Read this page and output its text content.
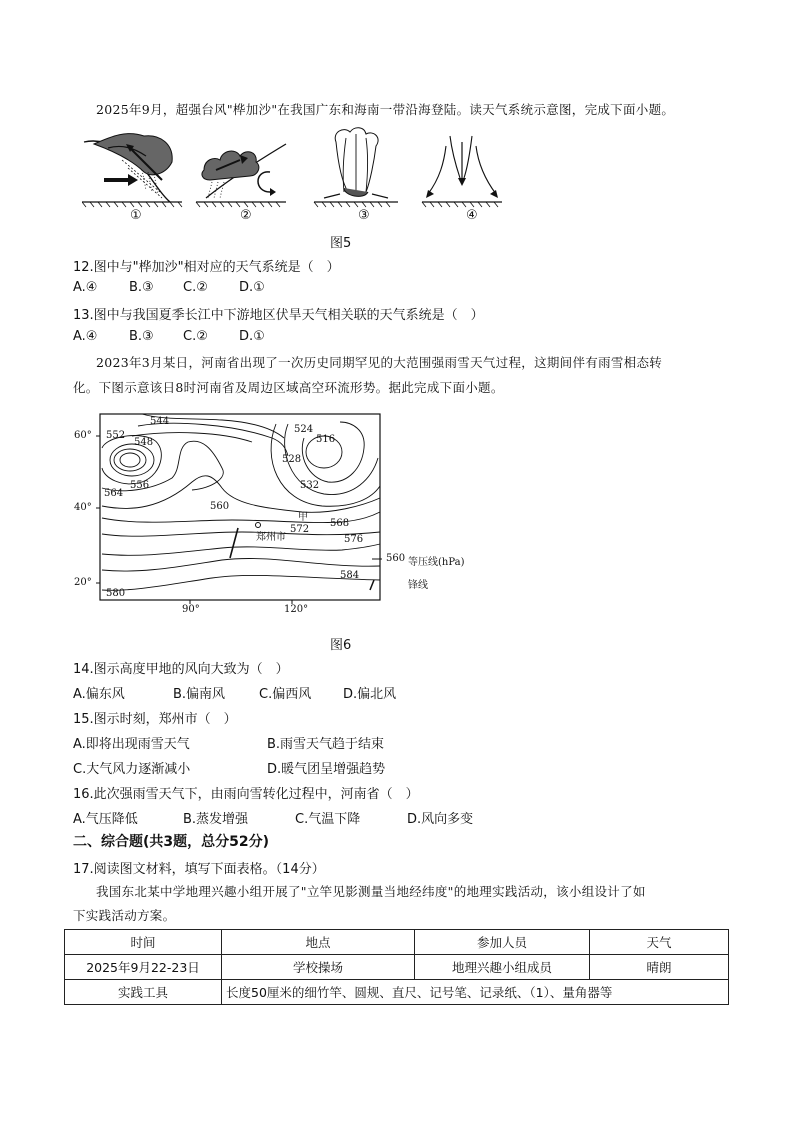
2025年9月，超强台风"桦加沙"在我国广东和海南一带沿海登陆。读天气系统示意图，完成下面小题。
①	②	③	④
图5
12.图中与"桦加沙"相对应的天气系统是（　）
A.④ B.③ C.② D.①
13.图中与我国夏季长江中下游地区伏旱天气相关联的天气系统是（　）
A.④ B.③ C.② D.①
2023年3月某日，河南省出现了一次历史同期罕见的大范围强雨雪天气过程，这期间伴有雨雪相态转
化。下图示意该日8时河南省及周边区域高空环流形势。据此完成下面小题。
60°
40°
20°
90°	120°
544
552
548
556
564
524
516
528
532
560
568
572
576
584
580
甲
郑州市
560 等压线(hPa)
锋线
图6
14.图示高度甲地的风向大致为（　）
A.偏东风	B.偏南风	C.偏西风 D.偏北风
15.图示时刻，郑州市（　）
A.即将出现雨雪天气	B.雨雪天气趋于结束
C.大气风力逐渐减小	D.暖气团呈增强趋势
16.此次强雨雪天气下，由雨向雪转化过程中，河南省（　）
A.气压降低	B.蒸发增强	C.气温下降	D.风向多变
二、综合题(共3题，总分52分)
17.阅读图文材料，填写下面表格。（14分）
我国东北某中学地理兴趣小组开展了"立竿见影测量当地经纬度"的地理实践活动，该小组设计了如
下实践活动方案。
时间	地点	参加人员	天气
2025年9月22-23日	学校操场	地理兴趣小组成员	晴朗
实践工具	长度50厘米的细竹竿、圆规、直尺、记号笔、记录纸、（1）、量角器等		
